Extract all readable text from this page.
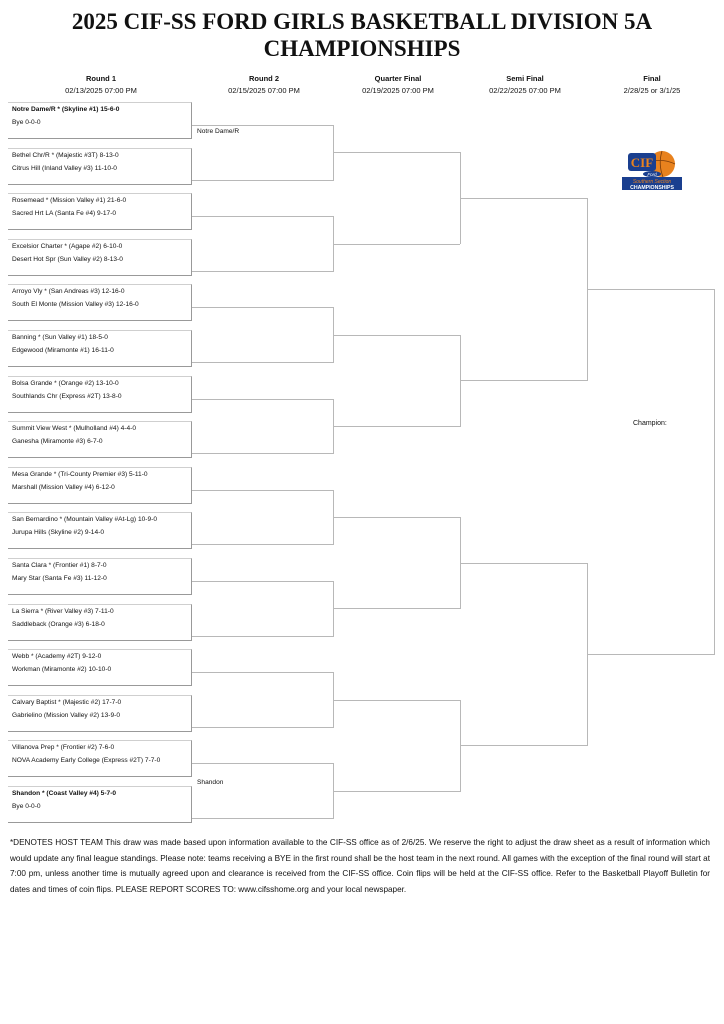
2025 CIF-SS FORD GIRLS BASKETBALL DIVISION 5A CHAMPIONSHIPS
Round 1
02/13/2025 07:00 PM
Round 2
02/15/2025 07:00 PM
Quarter Final
02/19/2025 07:00 PM
Semi Final
02/22/2025 07:00 PM
Final
2/28/25 or 3/1/25
Notre Dame/R * (Skyline #1) 15-6-0
Bye 0-0-0
Bethel Chr/R * (Majestic #3T) 8-13-0
Citrus Hill (Inland Valley #3) 11-10-0
Rosemead * (Mission Valley #1) 21-6-0
Sacred Hrt LA (Santa Fe #4) 9-17-0
Excelsior Charter * (Agape #2) 6-10-0
Desert Hot Spr (Sun Valley #2) 8-13-0
Arroyo Vly * (San Andreas #3) 12-16-0
South El Monte (Mission Valley #3) 12-16-0
Banning * (Sun Valley #1) 18-5-0
Edgewood (Miramonte #1) 16-11-0
Bolsa Grande * (Orange #2) 13-10-0
Southlands Chr (Express #2T) 13-8-0
Summit View West * (Mulholland #4) 4-4-0
Ganesha (Miramonte #3) 6-7-0
Mesa Grande * (Tri-County Premier #3) 5-11-0
Marshall (Mission Valley #4) 6-12-0
San Bernardino * (Mountain Valley #At-Lg) 10-9-0
Jurupa Hills (Skyline #2) 9-14-0
Santa Clara * (Frontier #1) 8-7-0
Mary Star (Santa Fe #3) 11-12-0
La Sierra * (River Valley #3) 7-11-0
Saddleback (Orange #3) 6-18-0
Webb * (Academy #2T) 9-12-0
Workman (Miramonte #2) 10-10-0
Calvary Baptist * (Majestic #2) 17-7-0
Gabrielino (Mission Valley #2) 13-9-0
Villanova Prep * (Frontier #2) 7-6-0
NOVA Academy Early College (Express #2T) 7-7-0
Shandon * (Coast Valley #4) 5-7-0
Bye 0-0-0
Notre Dame/R
Shandon
Champion:
CIF
Ford
Southern Section
CHAMPIONSHIPS
*DENOTES HOST TEAM This draw was made based upon information available to the CIF-SS office as of 2/6/25. We reserve the right to adjust the draw sheet as a result of information which would update any final league standings. Please note: teams receiving a BYE in the first round shall be the host team in the next round. All games with the exception of the final round will start at 7:00 pm, unless another time is mutually agreed upon and clearance is received from the CIF-SS office. Coin flips will be held at the CIF-SS office. Refer to the Basketball Playoff Bulletin for dates and times of coin flips. PLEASE REPORT SCORES TO: www.cifsshome.org and your local newspaper.
